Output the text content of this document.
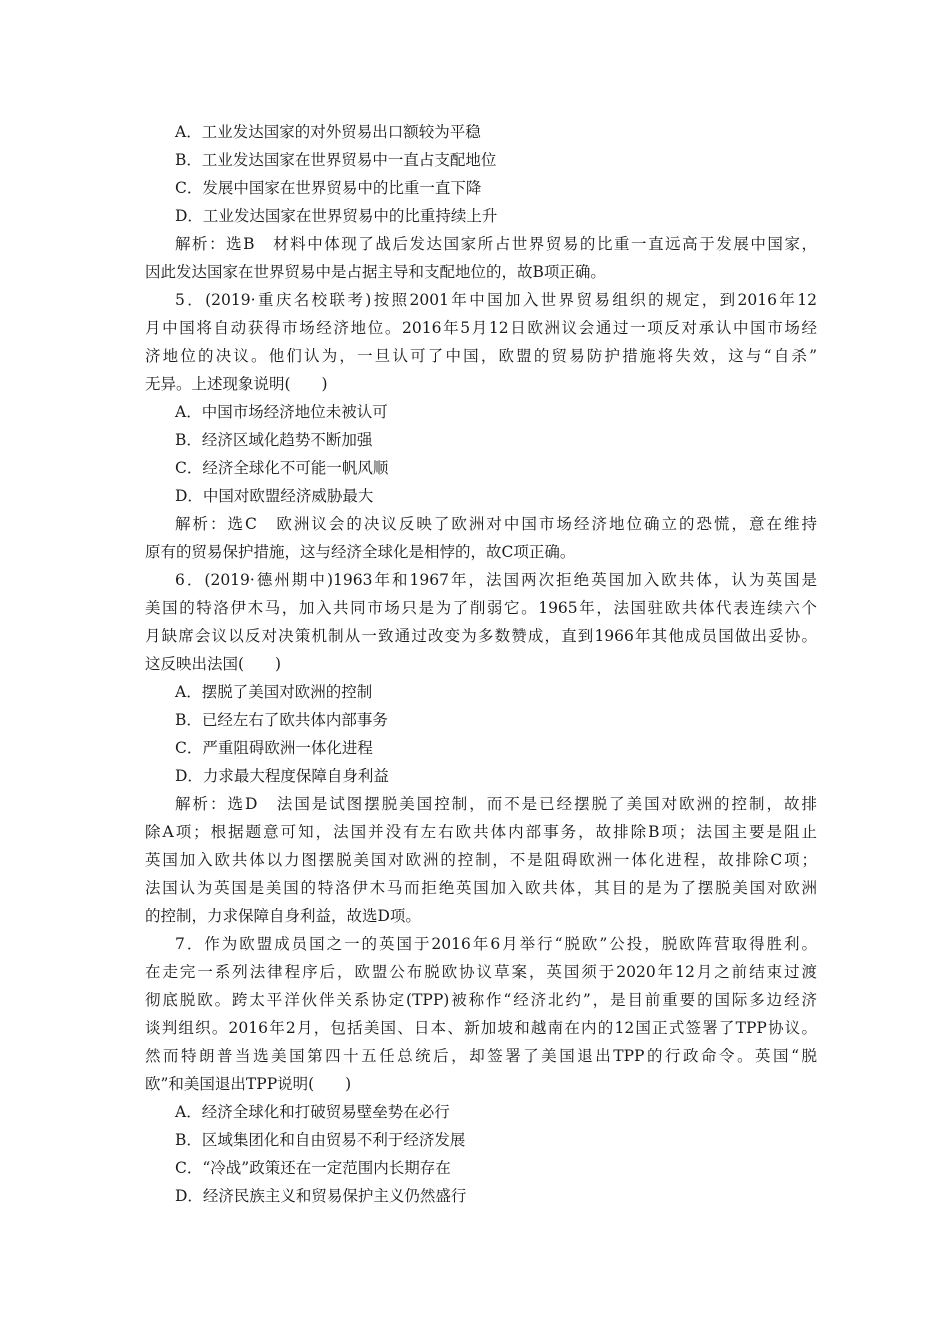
A．工业发达国家的对外贸易出口额较为平稳
B．工业发达国家在世界贸易中一直占支配地位
C．发展中国家在世界贸易中的比重一直下降
D．工业发达国家在世界贸易中的比重持续上升
解析：选B　材料中体现了战后发达国家所占世界贸易的比重一直远高于发展中国家，
因此发达国家在世界贸易中是占据主导和支配地位的，故B项正确。
5．(2019·重庆名校联考)按照2001年中国加入世界贸易组织的规定，到2016年12
月中国将自动获得市场经济地位。2016年5月12日欧洲议会通过一项反对承认中国市场经
济地位的决议。他们认为，一旦认可了中国，欧盟的贸易防护措施将失效，这与“自杀”
无异。上述现象说明(　　)
A．中国市场经济地位未被认可
B．经济区域化趋势不断加强
C．经济全球化不可能一帆风顺
D．中国对欧盟经济威胁最大
解析：选C　欧洲议会的决议反映了欧洲对中国市场经济地位确立的恐慌，意在维持
原有的贸易保护措施，这与经济全球化是相悖的，故C项正确。
6．(2019·德州期中)1963年和1967年，法国两次拒绝英国加入欧共体，认为英国是
美国的特洛伊木马，加入共同市场只是为了削弱它。1965年，法国驻欧共体代表连续六个
月缺席会议以反对决策机制从一致通过改变为多数赞成，直到1966年其他成员国做出妥协。
这反映出法国(　　)
A．摆脱了美国对欧洲的控制
B．已经左右了欧共体内部事务
C．严重阻碍欧洲一体化进程
D．力求最大程度保障自身利益
解析：选D　法国是试图摆脱美国控制，而不是已经摆脱了美国对欧洲的控制，故排
除A项；根据题意可知，法国并没有左右欧共体内部事务，故排除B项；法国主要是阻止
英国加入欧共体以力图摆脱美国对欧洲的控制，不是阻碍欧洲一体化进程，故排除C项；
法国认为英国是美国的特洛伊木马而拒绝英国加入欧共体，其目的是为了摆脱美国对欧洲
的控制，力求保障自身利益，故选D项。
7．作为欧盟成员国之一的英国于2016年6月举行“脱欧”公投，脱欧阵营取得胜利。
在走完一系列法律程序后，欧盟公布脱欧协议草案，英国须于2020年12月之前结束过渡
彻底脱欧。跨太平洋伙伴关系协定(TPP)被称作“经济北约”，是目前重要的国际多边经济
谈判组织。2016年2月，包括美国、日本、新加坡和越南在内的12国正式签署了TPP协议。
然而特朗普当选美国第四十五任总统后，却签署了美国退出TPP的行政命令。英国“脱
欧”和美国退出TPP说明(　　)
A．经济全球化和打破贸易壁垒势在必行
B．区域集团化和自由贸易不利于经济发展
C．“冷战”政策还在一定范围内长期存在
D．经济民族主义和贸易保护主义仍然盛行
